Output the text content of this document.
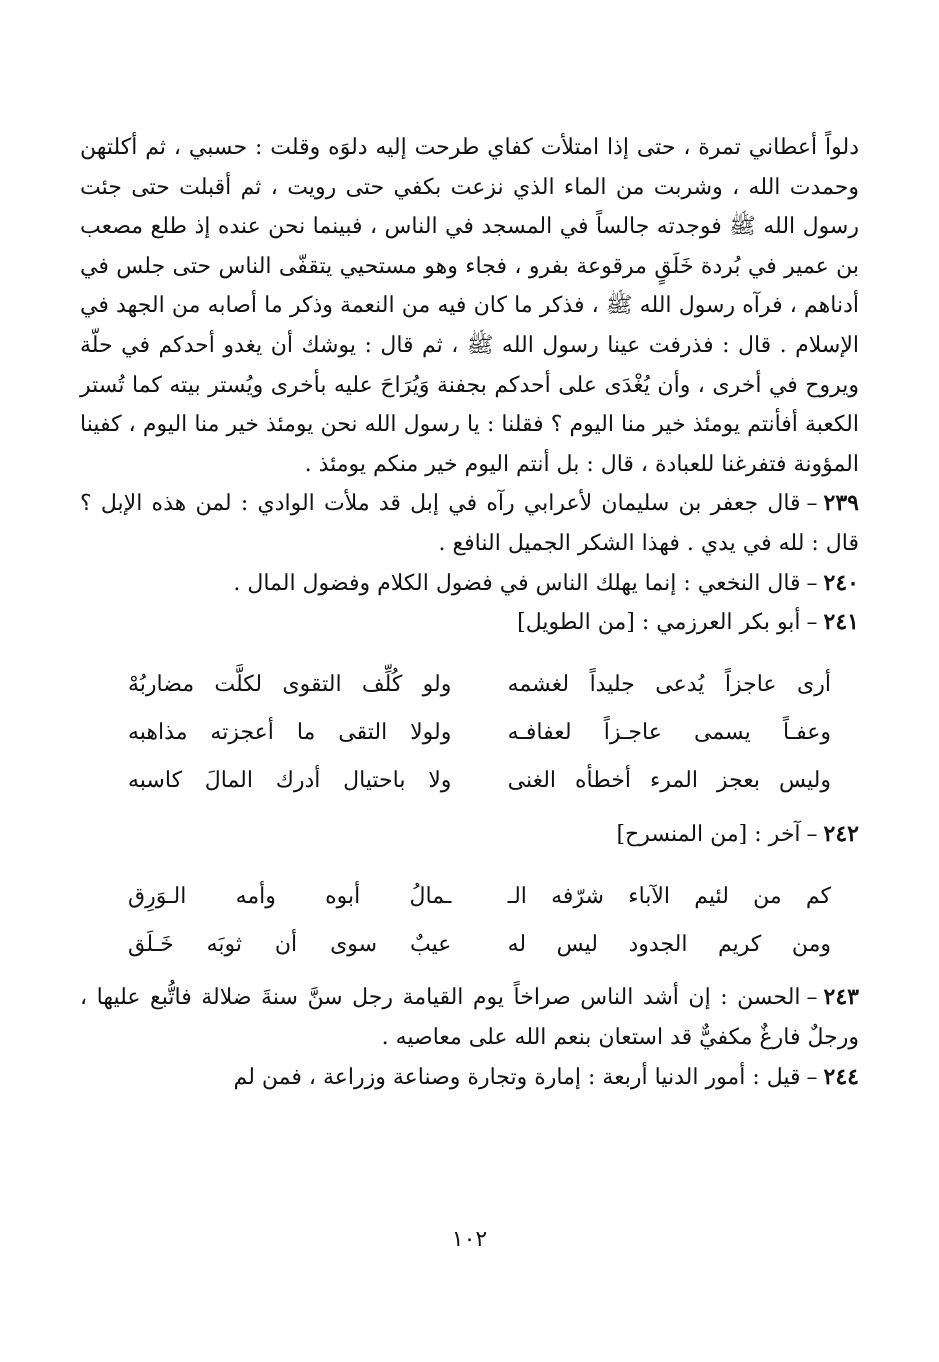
دلواً أعطاني تمرة ، حتى إذا امتلأت كفاي طرحت إليه دلوَه وقلت : حسبي ، ثم أكلتهن وحمدت الله ، وشربت من الماء الذي نزعت بكفي حتى رويت ، ثم أقبلت حتى جئت رسول الله ﷺ فوجدته جالساً في المسجد في الناس ، فبينما نحن عنده إذ طلع مصعب بن عمير في بُردة خَلَقٍ مرقوعة بفرو ، فجاء وهو مستحيي يتقفّى الناس حتى جلس في أدناهم ، فرآه رسول الله ﷺ ، فذكر ما كان فيه من النعمة وذكر ما أصابه من الجهد في الإسلام . قال : فذرفت عينا رسول الله ﷺ ، ثم قال : يوشك أن يغدو أحدكم في حلّة ويروح في أخرى ، وأن يُغْدَى على أحدكم بجفنة وَيُرَاحَ عليه بأخرى ويُستر بيته كما تُستر الكعبة أفأنتم يومئذ خير منا اليوم ؟ فقلنا : يا رسول الله نحن يومئذ خير منا اليوم ، كفينا المؤونة فتفرغنا للعبادة ، قال : بل أنتم اليوم خير منكم يومئذ .

٢٣٩–قال جعفر بن سليمان لأعرابي رآه في إبل قد ملأت الوادي : لمن هذه الإبل ؟ قال : لله في يدي . فهذا الشكر الجميل النافع .

٢٤٠–قال النخعي : إنما يهلك الناس في فضول الكلام وفضول المال .

٢٤١–أبو بكر العرزمي : [من الطويل]

أرى عاجزاً يُدعى جليداً لغشمه
ولو كُلِّف التقوى لكلَّت مضاربُهْ
وعفـاً يسمى عاجـزاً لعفافـه
ولولا التقى ما أعجزته مذاهبه
وليس بعجز المرء أخطأه الغنى
ولا باحتيال أدرك المالَ كاسبه

٢٤٢–آخر : [من المنسرح]

كم من لئيم الآباء شرّفه الـ
ـمالُ أبوه وأمه الـوَرِق
ومن كريم الجدود ليس له
عيبٌ سوى أن ثوبَه خَـلَق

٢٤٣–الحسن : إن أشد الناس صراخاً يوم القيامة رجل سنَّ سنةَ ضلالة فاتُّبع عليها ، ورجلٌ فارغٌ مكفيٌّ قد استعان بنعم الله على معاصيه .

٢٤٤–قيل : أمور الدنيا أربعة : إمارة وتجارة وصناعة وزراعة ، فمن لم

١٠٢
